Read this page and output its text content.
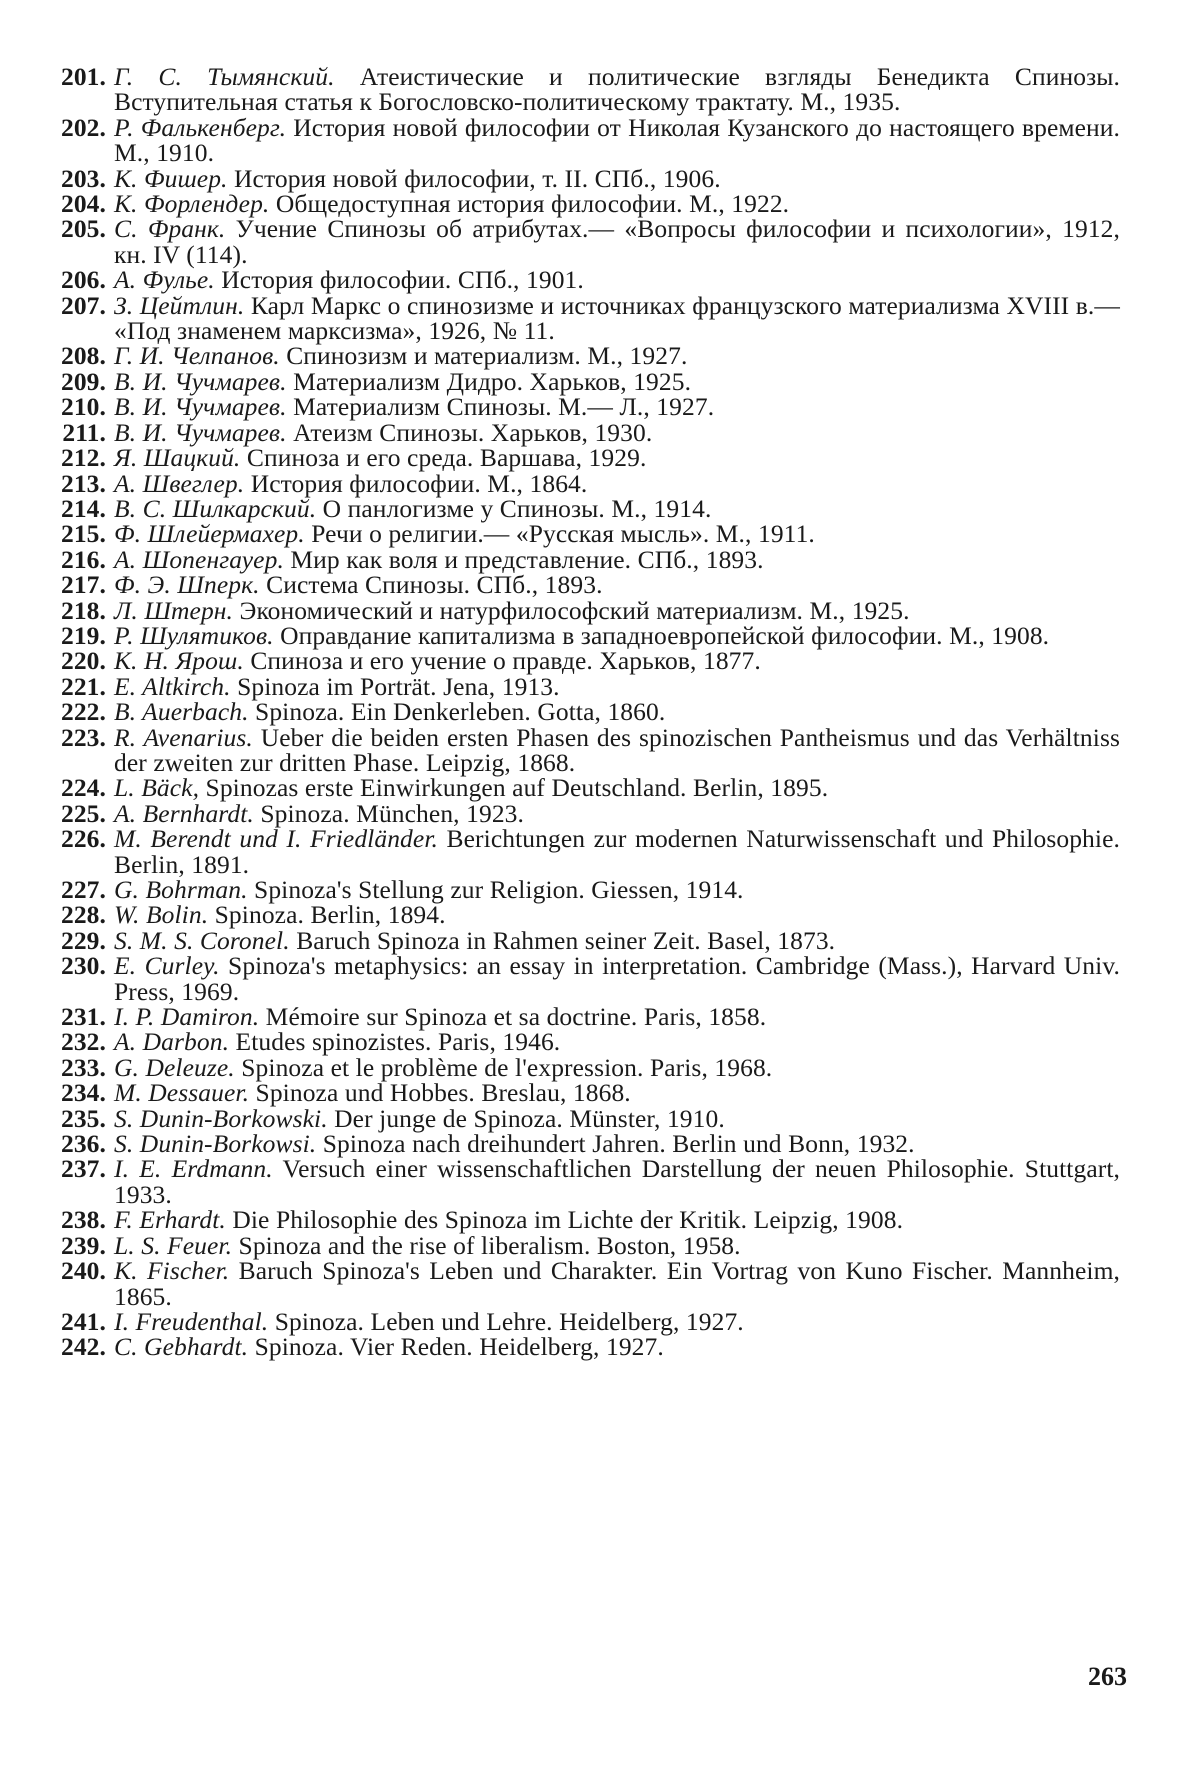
201. Г. С. Тымянский. Атеистические и политические взгляды Бенедикта Спинозы. Вступительная статья к Богословско-политическому трактату. М., 1935.
202. Р. Фалькенберг. История новой философии от Николая Кузанского до настоящего времени. М., 1910.
203. К. Фишер. История новой философии, т. II. СПб., 1906.
204. К. Форлендер. Общедоступная история философии. М., 1922.
205. С. Франк. Учение Спинозы об атрибутах.— «Вопросы философии и психологии», 1912, кн. IV (114).
206. А. Фулье. История философии. СПб., 1901.
207. З. Цейтлин. Карл Маркс о спинозизме и источниках французского материализма XVIII в.— «Под знаменем марксизма», 1926, № 11.
208. Г. И. Челпанов. Спинозизм и материализм. М., 1927.
209. В. И. Чучмарев. Материализм Дидро. Харьков, 1925.
210. В. И. Чучмарев. Материализм Спинозы. М.— Л., 1927.
211. В. И. Чучмарев. Атеизм Спинозы. Харьков, 1930.
212. Я. Шацкий. Спиноза и его среда. Варшава, 1929.
213. А. Швеглер. История философии. М., 1864.
214. В. С. Шилкарский. О панлогизме у Спинозы. М., 1914.
215. Ф. Шлейермахер. Речи о религии.— «Русская мысль». М., 1911.
216. А. Шопенгауер. Мир как воля и представление. СПб., 1893.
217. Ф. Э. Шперк. Система Спинозы. СПб., 1893.
218. Л. Штерн. Экономический и натурфилософский материализм. М., 1925.
219. Р. Шулятиков. Оправдание капитализма в западноевропейской философии. М., 1908.
220. К. Н. Ярош. Спиноза и его учение о правде. Харьков, 1877.
221. E. Altkirch. Spinoza im Porträt. Jena, 1913.
222. B. Auerbach. Spinoza. Ein Denkerleben. Gotta, 1860.
223. R. Avenarius. Ueber die beiden ersten Phasen des spinozischen Pantheismus und das Verhältniss der zweiten zur dritten Phase. Leipzig, 1868.
224. L. Bäck, Spinozas erste Einwirkungen auf Deutschland. Berlin, 1895.
225. A. Bernhardt. Spinoza. München, 1923.
226. M. Berendt und I. Friedländer. Berichtungen zur modernen Naturwissenschaft und Philosophie. Berlin, 1891.
227. G. Bohrman. Spinoza's Stellung zur Religion. Giessen, 1914.
228. W. Bolin. Spinoza. Berlin, 1894.
229. S. M. S. Coronel. Baruch Spinoza in Rahmen seiner Zeit. Basel, 1873.
230. E. Curley. Spinoza's metaphysics: an essay in interpretation. Cambridge (Mass.), Harvard Univ. Press, 1969.
231. I. P. Damiron. Mémoire sur Spinoza et sa doctrine. Paris, 1858.
232. A. Darbon. Etudes spinozistes. Paris, 1946.
233. G. Deleuze. Spinoza et le problème de l'expression. Paris, 1968.
234. M. Dessauer. Spinoza und Hobbes. Breslau, 1868.
235. S. Dunin-Borkowski. Der junge de Spinoza. Münster, 1910.
236. S. Dunin-Borkowsi. Spinoza nach dreihundert Jahren. Berlin und Bonn, 1932.
237. I. E. Erdmann. Versuch einer wissenschaftlichen Darstellung der neuen Philosophie. Stuttgart, 1933.
238. F. Erhardt. Die Philosophie des Spinoza im Lichte der Kritik. Leipzig, 1908.
239. L. S. Feuer. Spinoza and the rise of liberalism. Boston, 1958.
240. K. Fischer. Baruch Spinoza's Leben und Charakter. Ein Vortrag von Kuno Fischer. Mannheim, 1865.
241. I. Freudenthal. Spinoza. Leben und Lehre. Heidelberg, 1927.
242. C. Gebhardt. Spinoza. Vier Reden. Heidelberg, 1927.
263
